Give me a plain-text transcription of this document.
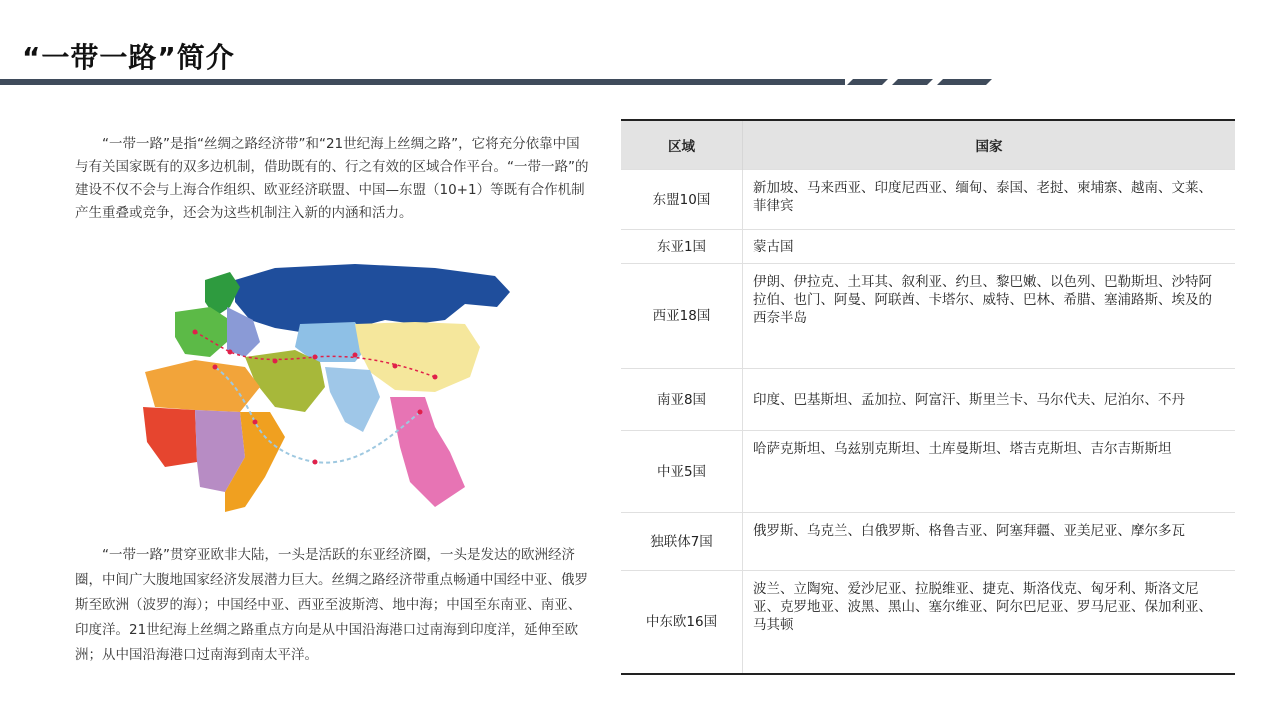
“一带一路”简介

“一带一路”是指“丝绸之路经济带”和“21世纪海上丝绸之路”，它将充分依靠中国与有关国家既有的双多边机制，借助既有的、行之有效的区域合作平台。“一带一路”的建设不仅不会与上海合作组织、欧亚经济联盟、中国—东盟（10+1）等既有合作机制产生重叠或竞争，还会为这些机制注入新的内涵和活力。

“一带一路”贯穿亚欧非大陆，一头是活跃的东亚经济圈，一头是发达的欧洲经济圈，中间广大腹地国家经济发展潜力巨大。丝绸之路经济带重点畅通中国经中亚、俄罗斯至欧洲（波罗的海）；中国经中亚、西亚至波斯湾、地中海；中国至东南亚、南亚、印度洋。21世纪海上丝绸之路重点方向是从中国沿海港口过南海到印度洋，延伸至欧洲；从中国沿海港口过南海到南太平洋。

区域	国家
东盟10国	新加坡、马来西亚、印度尼西亚、缅甸、泰国、老挝、柬埔寨、越南、文莱、菲律宾
东亚1国	蒙古国
西亚18国	伊朗、伊拉克、土耳其、叙利亚、约旦、黎巴嫩、以色列、巴勒斯坦、沙特阿拉伯、也门、阿曼、阿联酋、卡塔尔、威特、巴林、希腊、塞浦路斯、埃及的西奈半岛
南亚8国	印度、巴基斯坦、孟加拉、阿富汗、斯里兰卡、马尔代夫、尼泊尔、不丹
中亚5国	哈萨克斯坦、乌兹别克斯坦、土库曼斯坦、塔吉克斯坦、吉尔吉斯斯坦
独联体7国	俄罗斯、乌克兰、白俄罗斯、格鲁吉亚、阿塞拜疆、亚美尼亚、摩尔多瓦
中东欧16国	波兰、立陶宛、爱沙尼亚、拉脱维亚、捷克、斯洛伐克、匈牙利、斯洛文尼亚、克罗地亚、波黑、黑山、塞尔维亚、阿尔巴尼亚、罗马尼亚、保加利亚、马其顿
